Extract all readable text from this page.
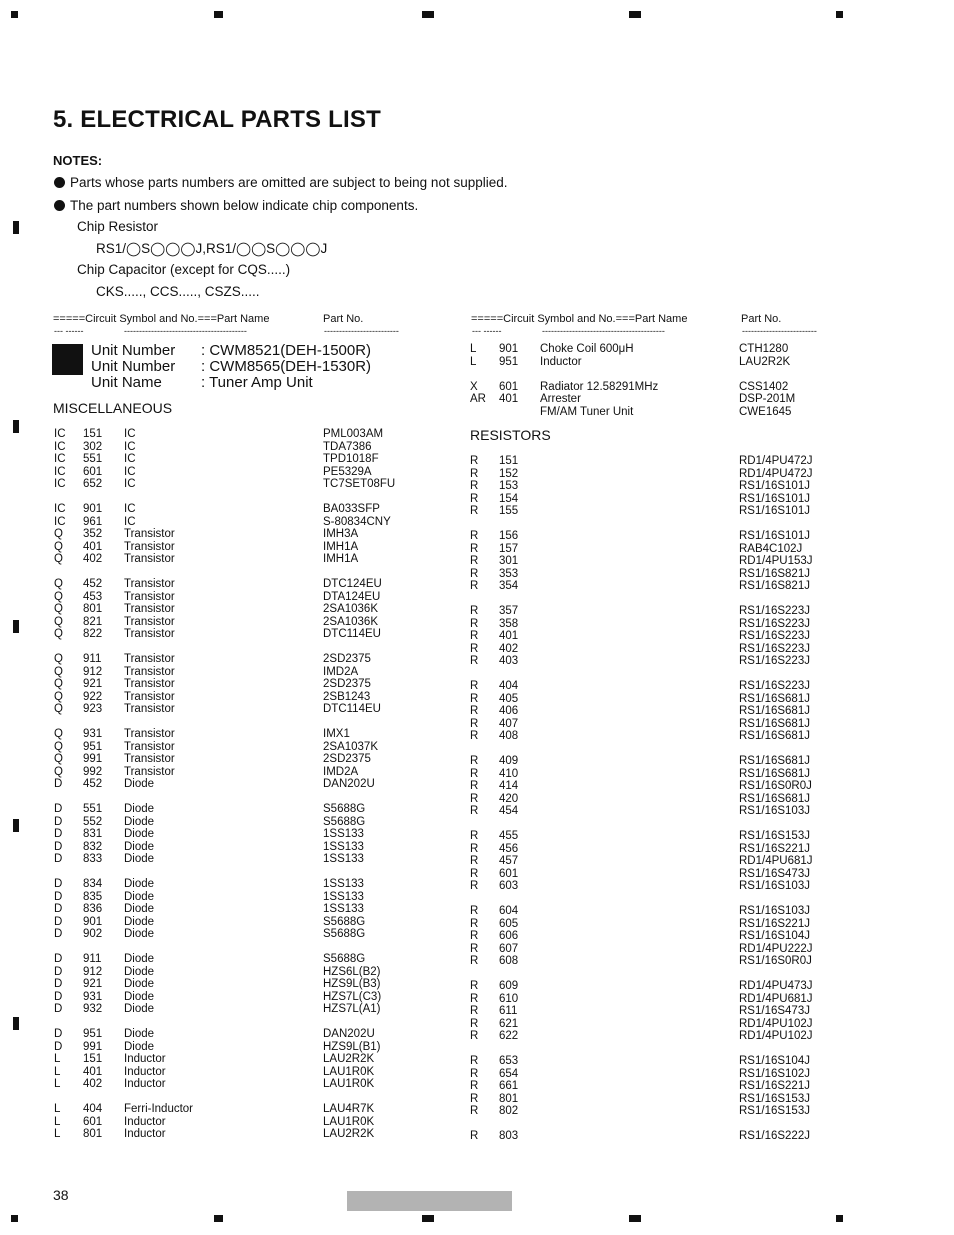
5. ELECTRICAL PARTS LIST
NOTES:
Parts whose parts numbers are omitted are subject to being not supplied.
The part numbers shown below indicate chip components.
Chip Resistor
RS1/◯S◯◯◯J,RS1/◯◯S◯◯◯J
Chip Capacitor (except for CQS.....)
CKS....., CCS....., CSZS.....
=====Circuit Symbol and No.===Part Name
--- ------	-----------------------------------------
Part No.
-------------------------
=====Circuit Symbol and No.===Part Name
--- ------	-----------------------------------------
Part No.
-------------------------
Unit Number : CWM8521(DEH-1500R)
Unit Number : CWM8565(DEH-1530R)
Unit Name	: Tuner Amp Unit
MISCELLANEOUS
RESISTORS
IC 151 IC	PML003AM
IC 302 IC	TDA7386
IC 551 IC	TPD1018F
IC 601 IC	PE5329A
IC 652 IC	TC7SET08FU
IC 901 IC	BA033SFP
IC 961 IC	S-80834CNY
Q 352 Transistor	IMH3A
Q 401 Transistor	IMH1A
Q 402 Transistor	IMH1A
Q 452 Transistor	DTC124EU
Q 453 Transistor	DTA124EU
Q 801 Transistor	2SA1036K
Q 821 Transistor	2SA1036K
Q 822 Transistor	DTC114EU
Q 911 Transistor	2SD2375
Q 912 Transistor	IMD2A
Q 921 Transistor	2SD2375
Q 922 Transistor	2SB1243
Q 923 Transistor	DTC114EU
Q 931 Transistor	IMX1
Q 951 Transistor	2SA1037K
Q 991 Transistor	2SD2375
Q 992 Transistor	IMD2A
D 452 Diode	DAN202U
D 551 Diode	S5688G
D 552 Diode	S5688G
D 831 Diode	1SS133
D 832 Diode	1SS133
D 833 Diode	1SS133
D 834 Diode	1SS133
D 835 Diode	1SS133
D 836 Diode	1SS133
D 901 Diode	S5688G
D 902 Diode	S5688G
D 911 Diode	S5688G
D 912 Diode	HZS6L(B2)
D 921 Diode	HZS9L(B3)
D 931 Diode	HZS7L(C3)
D 932 Diode	HZS7L(A1)
D 951 Diode	DAN202U
D 991 Diode	HZS9L(B1)
L 151 Inductor	LAU2R2K
L 401 Inductor	LAU1R0K
L 402 Inductor	LAU1R0K
L 404 Ferri-Inductor	LAU4R7K
L 601 Inductor	LAU1R0K
L 801 Inductor	LAU2R2K
L 901 Choke Coil 600μH	CTH1280
L 951 Inductor	LAU2R2K
X 601 Radiator 12.58291MHz	CSS1402
AR 401 Arrester	DSP-201M
FM/AM Tuner Unit	CWE1645
R 151	RD1/4PU472J
R 152	RD1/4PU472J
R 153	RS1/16S101J
R 154	RS1/16S101J
R 155	RS1/16S101J
R 156	RS1/16S101J
R 157	RAB4C102J
R 301	RD1/4PU153J
R 353	RS1/16S821J
R 354	RS1/16S821J
R 357	RS1/16S223J
R 358	RS1/16S223J
R 401	RS1/16S223J
R 402	RS1/16S223J
R 403	RS1/16S223J
R 404	RS1/16S223J
R 405	RS1/16S681J
R 406	RS1/16S681J
R 407	RS1/16S681J
R 408	RS1/16S681J
R 409	RS1/16S681J
R 410	RS1/16S681J
R 414	RS1/16S0R0J
R 420	RS1/16S681J
R 454	RS1/16S103J
R 455	RS1/16S153J
R 456	RS1/16S221J
R 457	RD1/4PU681J
R 601	RS1/16S473J
R 603	RS1/16S103J
R 604	RS1/16S103J
R 605	RS1/16S221J
R 606	RS1/16S104J
R 607	RD1/4PU222J
R 608	RS1/16S0R0J
R 609	RD1/4PU473J
R 610	RD1/4PU681J
R 611	RS1/16S473J
R 621	RD1/4PU102J
R 622	RD1/4PU102J
R 653	RS1/16S104J
R 654	RS1/16S102J
R 661	RS1/16S221J
R 801	RS1/16S153J
R 802	RS1/16S153J
R 803	RS1/16S222J
38
